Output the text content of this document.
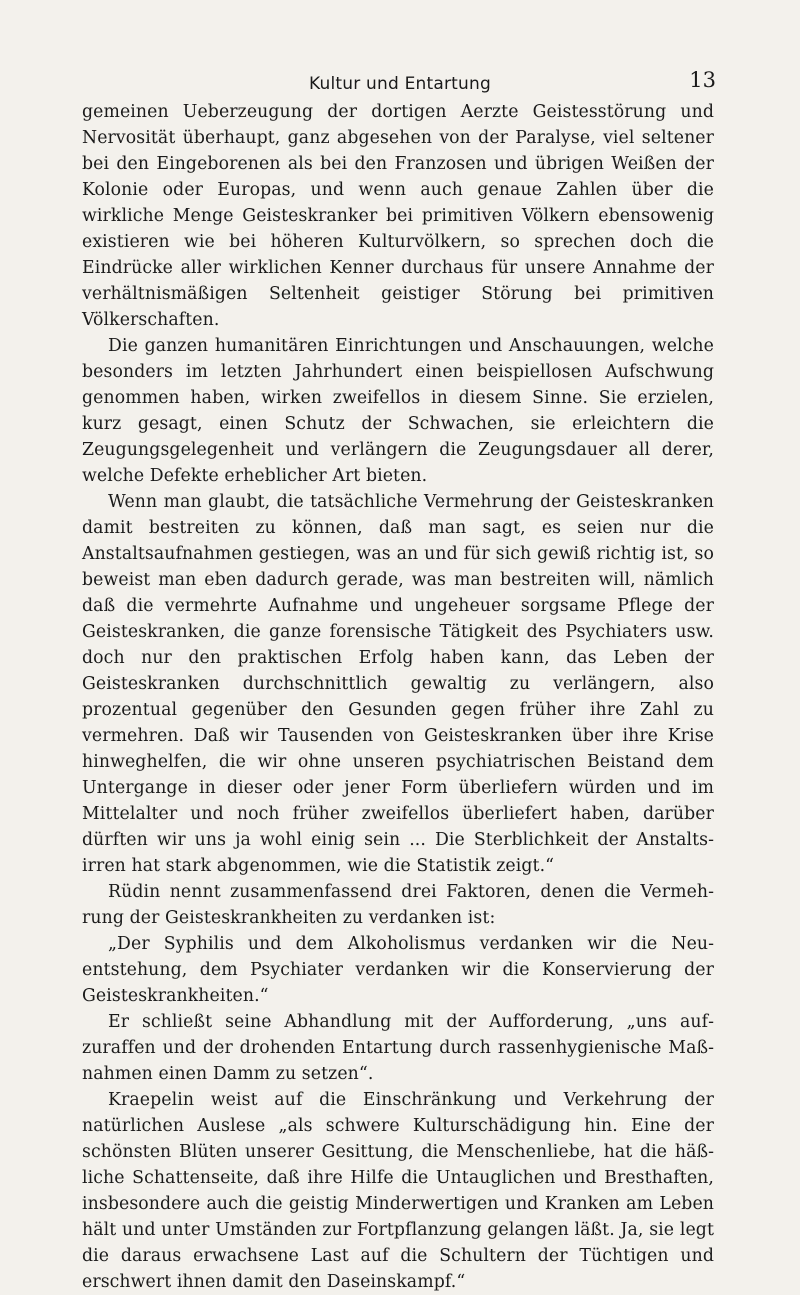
Kultur und Entartung	13

gemeinen Ueberzeugung der dortigen Aerzte Geistesstörung und Nervosität überhaupt, ganz abgesehen von der Paralyse, viel seltener bei den Eingeborenen als bei den Franzosen und übrigen Weißen der Kolonie oder Europas, und wenn auch genaue Zahlen über die wirkliche Menge Geisteskranker bei primitiven Völkern ebensowenig existieren wie bei höheren Kulturvölkern, so sprechen doch die Eindrücke aller wirklichen Kenner durchaus für unsere Annahme der verhältnismäßigen Seltenheit geistiger Störung bei primitiven Völkerschaften.

Die ganzen humanitären Einrichtungen und Anschauungen, welche besonders im letzten Jahrhundert einen beispiellosen Aufschwung genommen haben, wirken zweifellos in diesem Sinne. Sie erzielen, kurz gesagt, einen Schutz der Schwachen, sie erleichtern die Zeugungsgelegenheit und verlängern die Zeugungsdauer all derer, welche Defekte erheblicher Art bieten.

Wenn man glaubt, die tatsächliche Vermehrung der Geisteskranken damit bestreiten zu können, daß man sagt, es seien nur die Anstaltsaufnahmen gestiegen, was an und für sich gewiß richtig ist, so beweist man eben dadurch gerade, was man bestreiten will, nämlich daß die vermehrte Aufnahme und ungeheuer sorgsame Pflege der Geisteskranken, die ganze forensische Tätigkeit des Psychiaters usw. doch nur den praktischen Erfolg haben kann, das Leben der Geisteskranken durchschnittlich gewaltig zu verlängern, also prozentual gegenüber den Gesunden gegen früher ihre Zahl zu vermehren. Daß wir Tausenden von Geisteskranken über ihre Krise hinweghelfen, die wir ohne unseren psychiatrischen Beistand dem Untergange in dieser oder jener Form überliefern würden und im Mittelalter und noch früher zweifellos überliefert haben, darüber dürften wir uns ja wohl einig sein ... Die Sterblichkeit der Anstaltsirren hat stark abgenommen, wie die Statistik zeigt.“

Rüdin nennt zusammenfassend drei Faktoren, denen die Vermehrung der Geisteskrankheiten zu verdanken ist:

„Der Syphilis und dem Alkoholismus verdanken wir die Neuentstehung, dem Psychiater verdanken wir die Konservierung der Geisteskrankheiten.“

Er schließt seine Abhandlung mit der Aufforderung, „uns aufzuraffen und der drohenden Entartung durch rassenhygienische Maßnahmen einen Damm zu setzen“.

Kraepelin weist auf die Einschränkung und Verkehrung der natürlichen Auslese „als schwere Kulturschädigung hin. Eine der schönsten Blüten unserer Gesittung, die Menschenliebe, hat die häßliche Schattenseite, daß ihre Hilfe die Untauglichen und Bresthaften, insbesondere auch die geistig Minderwertigen und Kranken am Leben hält und unter Umständen zur Fortpflanzung gelangen läßt. Ja, sie legt die daraus erwachsene Last auf die Schultern der Tüchtigen und erschwert ihnen damit den Daseinskampf.“
